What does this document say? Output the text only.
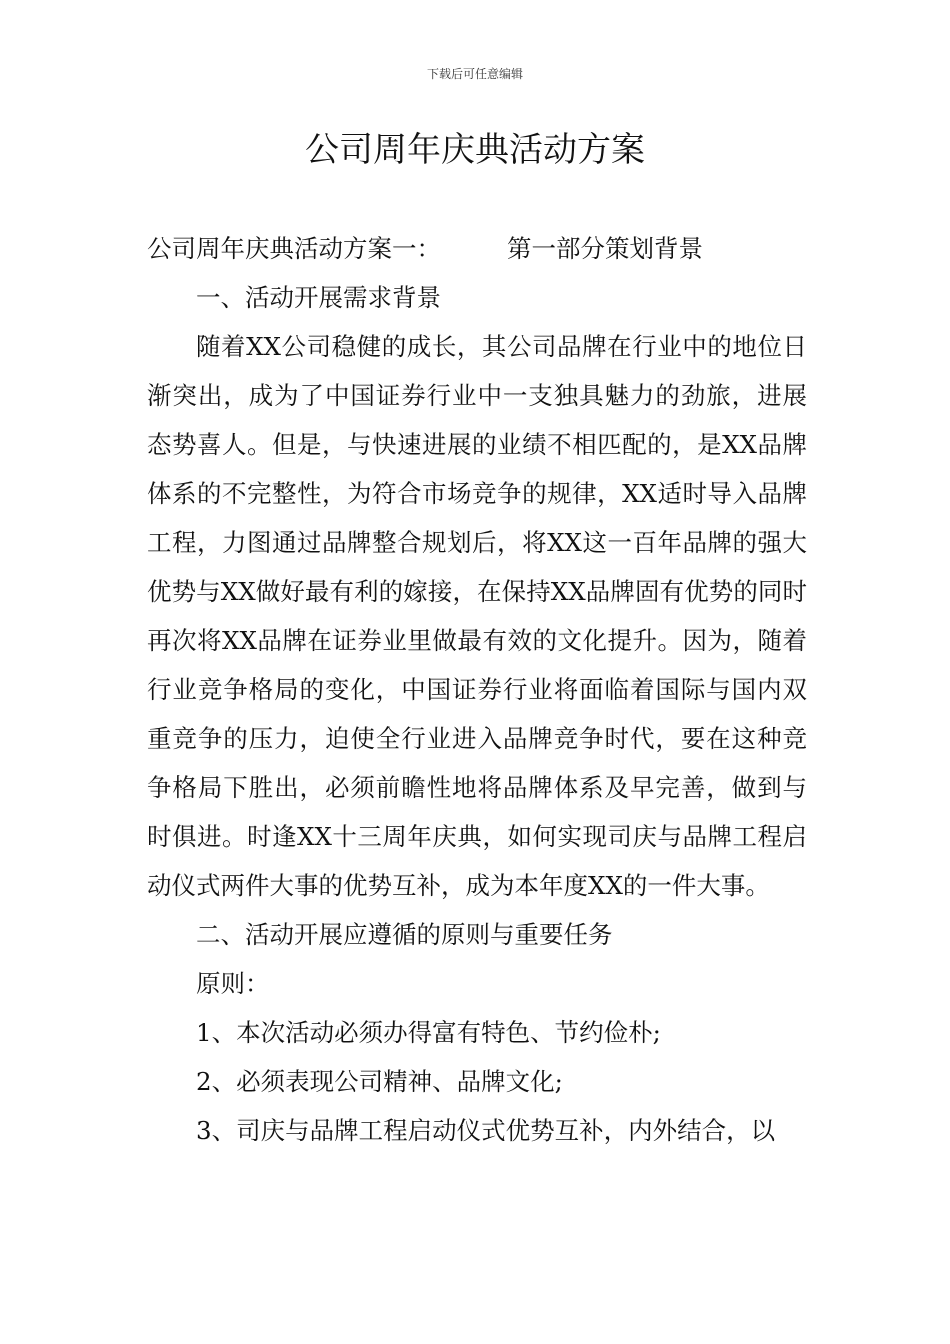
下载后可任意编辑
公司周年庆典活动方案

公司周年庆典活动方案一：	第一部分策划背景

一、活动开展需求背景

随着XX公司稳健的成长，其公司品牌在行业中的地位日渐突出，成为了中国证券行业中一支独具魅力的劲旅，进展态势喜人。但是，与快速进展的业绩不相匹配的，是XX品牌体系的不完整性，为符合市场竞争的规律，XX适时导入品牌工程，力图通过品牌整合规划后，将XX这一百年品牌的强大优势与XX做好最有利的嫁接，在保持XX品牌固有优势的同时再次将XX品牌在证券业里做最有效的文化提升。因为，随着行业竞争格局的变化，中国证券行业将面临着国际与国内双重竞争的压力，迫使全行业进入品牌竞争时代，要在这种竞争格局下胜出，必须前瞻性地将品牌体系及早完善，做到与时俱进。时逢XX十三周年庆典，如何实现司庆与品牌工程启动仪式两件大事的优势互补，成为本年度XX的一件大事。

二、活动开展应遵循的原则与重要任务

原则：

1、本次活动必须办得富有特色、节约俭朴;

2、必须表现公司精神、品牌文化;

3、司庆与品牌工程启动仪式优势互补，内外结合，以
